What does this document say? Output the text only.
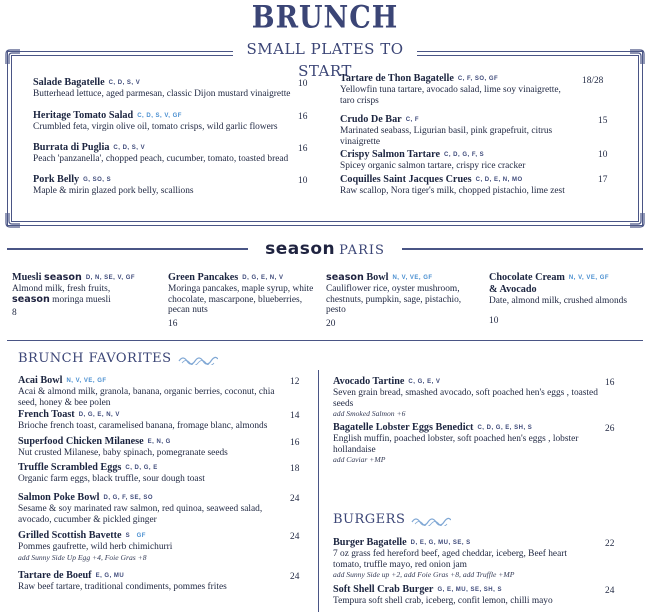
BRUNCH
SMALL PLATES TO START
Salade Bagatelle C, D, S, V
Butterhead lettuce, aged parmesan, classic Dijon mustard vinaigrette
10
Heritage Tomato Salad C, D, S, V, GF
Crumbled feta, virgin olive oil, tomato crisps, wild garlic flowers
16
Burrata di Puglia C, D, S, V
Peach 'panzanella', chopped peach, cucumber, tomato, toasted bread
16
Pork Belly G, SO, S
Maple & mirin glazed pork belly, scallions
10
Tartare de Thon Bagatelle C, F, SO, GF
Yellowfin tuna tartare, avocado salad, lime soy vinaigrette, taro crisps
18/28
Crudo De Bar C, F
Marinated seabass, Ligurian basil, pink grapefruit, citrus vinaigrette
15
Crispy Salmon Tartare C, D, G, F, S
Spicey organic salmon tartare, crispy rice cracker
10
Coquilles Saint Jacques Crues C, D, E, N, MO
Raw scallop, Nora tiger's milk, chopped pistachio, lime zest
17
season PARIS
Muesli season D, N, SE, V, GF
Almond milk, fresh fruits,
season moringa muesli
8
Green Pancakes D, G, E, N, V
Moringa pancakes, maple syrup, white chocolate, mascarpone, blueberries, pecan nuts
16
season Bowl N, V, VE, GF
Cauliflower rice, oyster mushroom, chestnuts, pumpkin, sage, pistachio, pesto
20
Chocolate Cream N, V, VE, GF
& Avocado
Date, almond milk, crushed almonds
10
BRUNCH FAVORITES
Acai Bowl N, V, VE, GF
Acai & almond milk, granola, banana, organic berries, coconut, chia seed, honey & bee polen
12
French Toast D, G, E, N, V
Brioche french toast, caramelised banana, fromage blanc, almonds
14
Superfood Chicken Milanese E, N, G
Nut crusted Milanese, baby spinach, pomegranate seeds
16
Truffle Scrambled Eggs C, D, G, E
Organic farm eggs, black truffle, sour dough toast
18
Salmon Poke Bowl D, G, F, SE, SO
Sesame & soy marinated raw salmon, red quinoa, seaweed salad, avocado, cucumber & pickled ginger
24
Grilled Scottish Bavette S GF
Pommes gaufrette, wild herb chimichurri
add Sunny Side Up Egg +4, Foie Gras +8
24
Tartare de Boeuf E, G, MU
Raw beef tartare, traditional condiments, pommes frites
24
Avocado Tartine C, G, E, V
Seven grain bread, smashed avocado, soft poached hen's eggs , toasted seeds
add Smoked Salmon +6
16
Bagatelle Lobster Eggs Benedict C, D, G, E, SH, S
English muffin, poached lobster, soft poached hen's eggs , lobster hollandaise
add Caviar +MP
26
BURGERS
Burger Bagatelle D, E, G, MU, SE, S
7 oz grass fed hereford beef, aged cheddar, iceberg, Beef heart tomato, truffle mayo, red onion jam
add Sunny Side up +2, add Foie Gras +8, add Truffle +MP
22
Soft Shell Crab Burger G, E, MU, SE, SH, S
Tempura soft shell crab, iceberg, confit lemon, chilli mayo
24
